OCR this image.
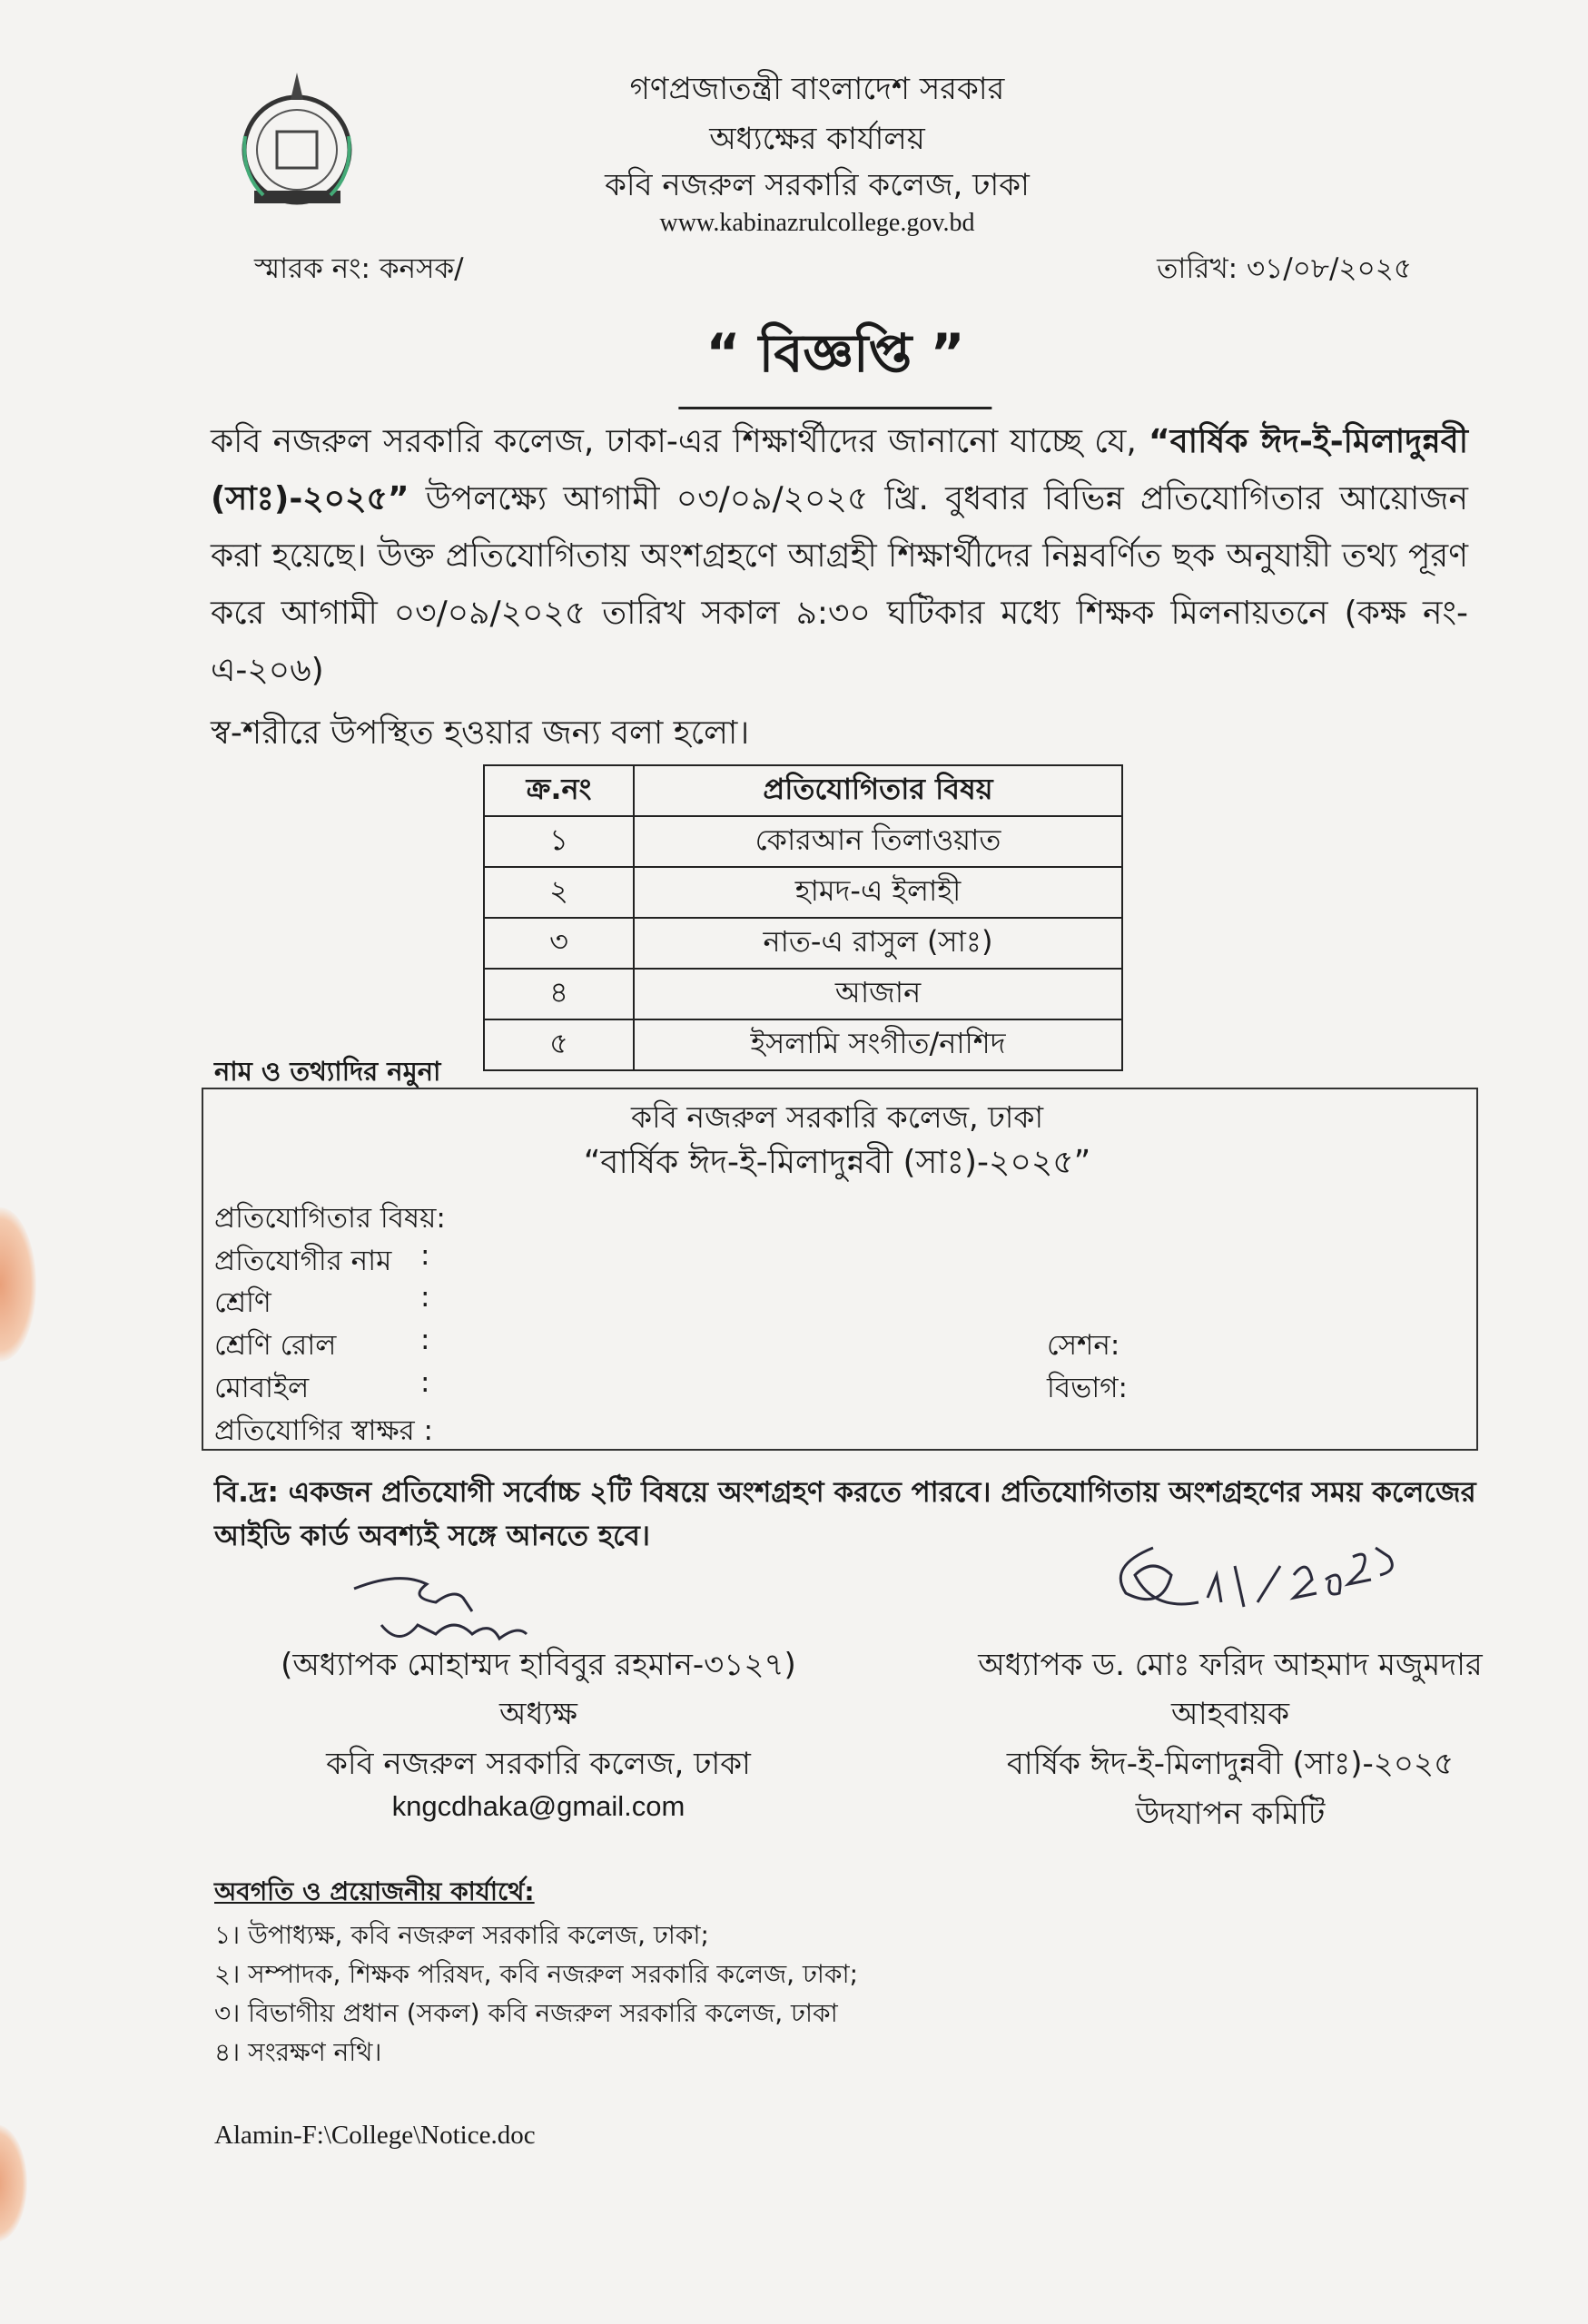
গণপ্রজাতন্ত্রী বাংলাদেশ সরকার
অধ্যক্ষের কার্যালয়
কবি নজরুল সরকারি কলেজ, ঢাকা
www.kabinazrulcollege.gov.bd
স্মারক নং: কনসক/	তারিখ: ৩১/০৮/২০২৫
“ বিজ্ঞপ্তি ”
কবি নজরুল সরকারি কলেজ, ঢাকা-এর শিক্ষার্থীদের জানানো যাচ্ছে যে, “বার্ষিক ঈদ-ই-মিলাদুন্নবী (সাঃ)-২০২৫” উপলক্ষ্যে আগামী ০৩/০৯/২০২৫ খ্রি. বুধবার বিভিন্ন প্রতিযোগিতার আয়োজন করা হয়েছে। উক্ত প্রতিযোগিতায় অংশগ্রহণে আগ্রহী শিক্ষার্থীদের নিম্নবর্ণিত ছক অনুযায়ী তথ্য পূরণ করে আগামী ০৩/০৯/২০২৫ তারিখ সকাল ৯:৩০ ঘটিকার মধ্যে শিক্ষক মিলনায়তনে (কক্ষ নং-এ-২০৬)
স্ব-শরীরে উপস্থিত হওয়ার জন্য বলা হলো।
ক্র.নং	প্রতিযোগিতার বিষয়
১	কোরআন তিলাওয়াত
২	হামদ-এ ইলাহী
৩	নাত-এ রাসুল (সাঃ)
৪	আজান
৫	ইসলামি সংগীত/নাশিদ
নাম ও তথ্যাদির নমুনা
কবি নজরুল সরকারি কলেজ, ঢাকা
“বার্ষিক ঈদ-ই-মিলাদুন্নবী (সাঃ)-২০২৫”
প্রতিযোগিতার বিষয়:
প্রতিযোগীর নাম :
শ্রেণি	:
শ্রেণি রোল	:	সেশন:
মোবাইল	:	বিভাগ:
প্রতিযোগির স্বাক্ষর :
বি.দ্র: একজন প্রতিযোগী সর্বোচ্চ ২টি বিষয়ে অংশগ্রহণ করতে পারবে। প্রতিযোগিতায় অংশগ্রহণের সময় কলেজের আইডি কার্ড অবশ্যই সঙ্গে আনতে হবে।
(অধ্যাপক মোহাম্মদ হাবিবুর রহমান-৩১২৭)
অধ্যক্ষ
কবি নজরুল সরকারি কলেজ, ঢাকা
kngcdhaka@gmail.com
অধ্যাপক ড. মোঃ ফরিদ আহমাদ মজুমদার
আহবায়ক
বার্ষিক ঈদ-ই-মিলাদুন্নবী (সাঃ)-২০২৫
উদযাপন কমিটি
অবগতি ও প্রয়োজনীয় কার্যার্থে:
১। উপাধ্যক্ষ, কবি নজরুল সরকারি কলেজ, ঢাকা;
২। সম্পাদক, শিক্ষক পরিষদ, কবি নজরুল সরকারি কলেজ, ঢাকা;
৩। বিভাগীয় প্রধান (সকল) কবি নজরুল সরকারি কলেজ, ঢাকা
৪। সংরক্ষণ নথি।
Alamin-F:\College\Notice.doc
